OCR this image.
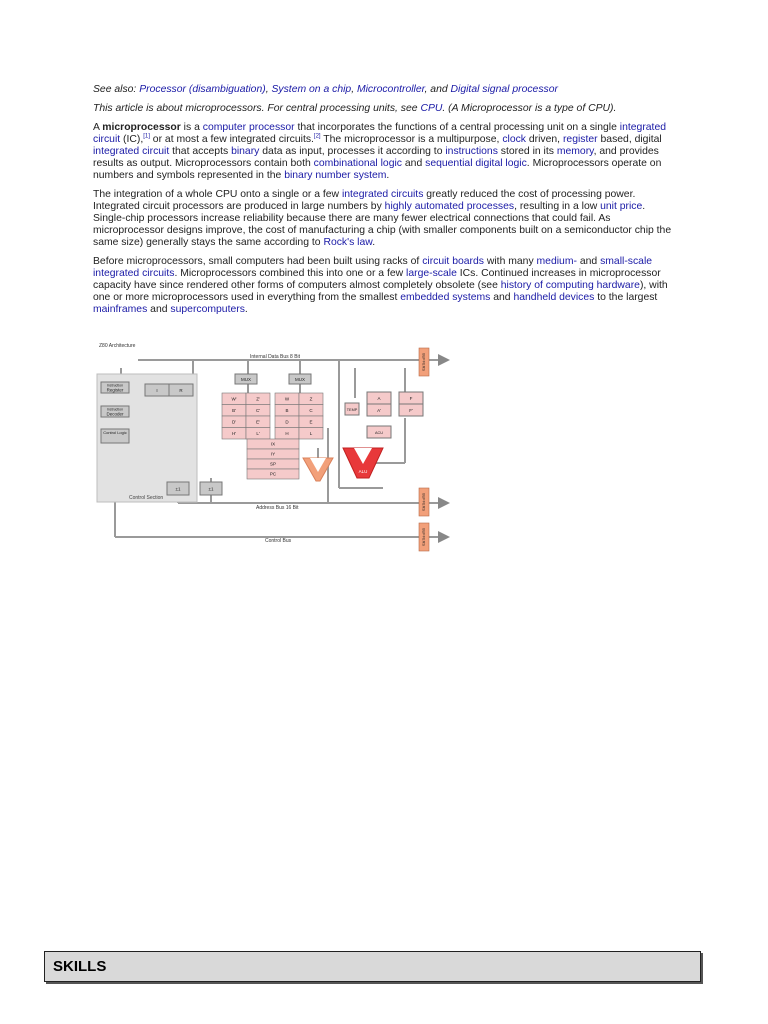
See also: Processor (disambiguation), System on a chip, Microcontroller, and Digital signal processor

This article is about microprocessors. For central processing units, see CPU. (A Microprocessor is a type of CPU).

A microprocessor is a computer processor that incorporates the functions of a central processing unit on a single integrated circuit (IC),[1] or at most a few integrated circuits.[2] The microprocessor is a multipurpose, clock driven, register based, digital integrated circuit that accepts binary data as input, processes it according to instructions stored in its memory, and provides results as output. Microprocessors contain both combinational logic and sequential digital logic. Microprocessors operate on numbers and symbols represented in the binary number system.

The integration of a whole CPU onto a single or a few integrated circuits greatly reduced the cost of processing power. Integrated circuit processors are produced in large numbers by highly automated processes, resulting in a low unit price. Single-chip processors increase reliability because there are many fewer electrical connections that could fail. As microprocessor designs improve, the cost of manufacturing a chip (with smaller components built on a semiconductor chip the same size) generally stays the same according to Rock's law.

Before microprocessors, small computers had been built using racks of circuit boards with many medium- and small-scale integrated circuits. Microprocessors combined this into one or a few large-scale ICs. Continued increases in microprocessor capacity have since rendered other forms of computers almost completely obsolete (see history of computing hardware), with one or more microprocessors used in everything from the smallest embedded systems and handheld devices to the largest mainframes and supercomputers.

Control Section
Instruction
Register
Instruction
Decoder
Control Logic
I	R
±1	±1
MUX	MUX
W'	W
Z'	Z
B'	B
C'	C
D'	D
E'	E
H'	H
L'	L
IX
IY
SP
PC
ALU
TEMP
A
A'
F
F'
ACU
BUFFERS
BUFFERS
BUFFERS
Z80 Architecture
Internal Data Bus 8 Bit
Address Bus 16 Bit
Control Bus
SKILLS
